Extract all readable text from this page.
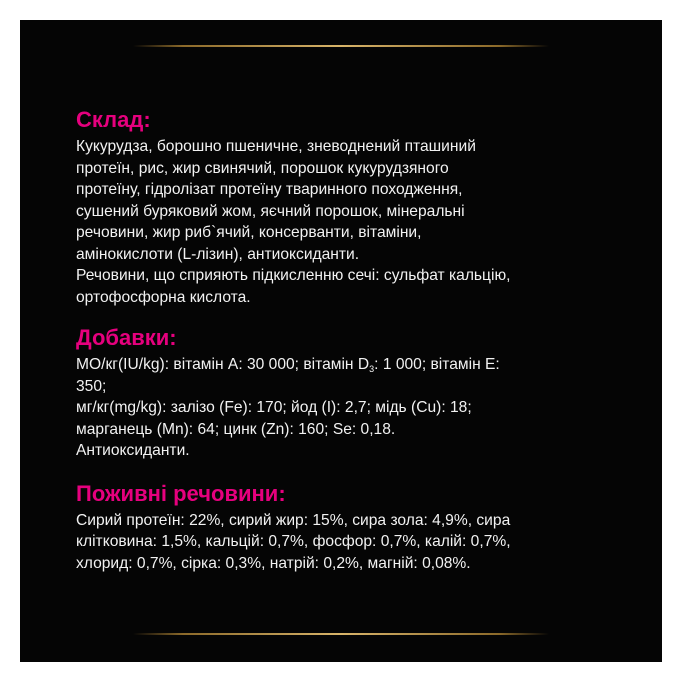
Склад:

Кукурудза, борошно пшеничне, зневоднений пташиний
протеїн, рис, жир свинячий, порошок кукурудзяного
протеїну, гідролізат протеїну тваринного походження,
сушений буряковий жом, яєчний порошок, мінеральні
речовини, жир риб`ячий, консерванти, вітаміни,
амінокислоти (L-лізин), антиоксиданти.
Речовини, що сприяють підкисленню сечі: сульфат кальцію,
ортофосфорна кислота.

Добавки:

МО/кг(IU/kg): вітамін А: 30 000; вітамін $D_3$: 1 000; вітамін Е:
350;
мг/кг(mg/kg): залізо (Fe): 170; йод (I): 2,7; мідь (Cu): 18;
марганець (Mn): 64; цинк (Zn): 160; Se: 0,18.
Антиоксиданти.

Поживні речовини:

Сирий протеїн: 22%, сирий жир: 15%, сира зола: 4,9%, сира
клітковина: 1,5%, кальцій: 0,7%, фосфор: 0,7%, калій: 0,7%,
хлорид: 0,7%, сірка: 0,3%, натрій: 0,2%, магній: 0,08%.
